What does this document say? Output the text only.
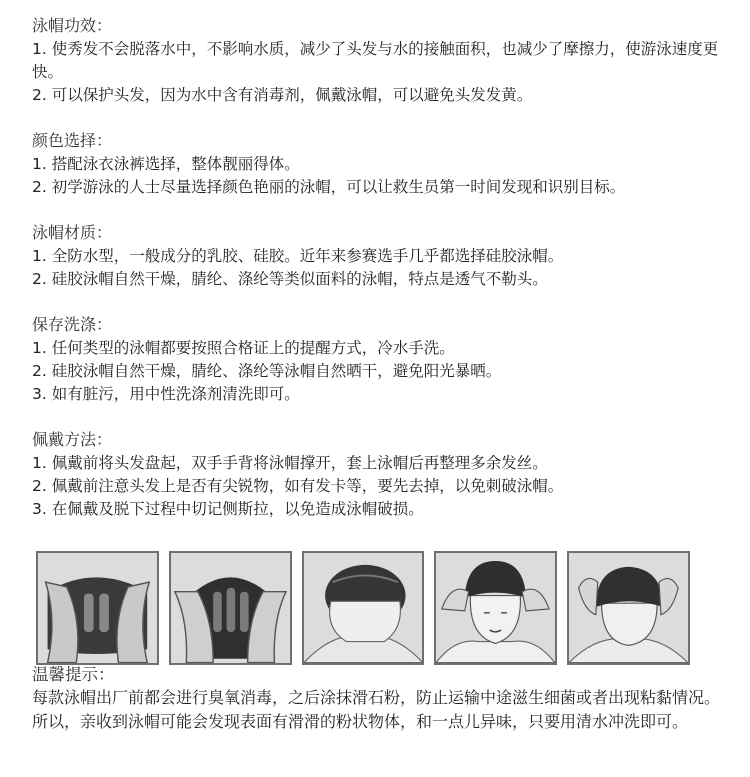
泳帽功效：
1. 使秀发不会脱落水中，不影响水质，减少了头发与水的接触面积，也减少了摩擦力，使游泳速度更快。
2. 可以保护头发，因为水中含有消毒剂，佩戴泳帽，可以避免头发发黄。
颜色选择：
1. 搭配泳衣泳裤选择，整体靓丽得体。
2. 初学游泳的人士尽量选择颜色艳丽的泳帽，可以让救生员第一时间发现和识别目标。
泳帽材质：
1. 全防水型，一般成分的乳胶、硅胶。近年来参赛选手几乎都选择硅胶泳帽。
2. 硅胶泳帽自然干燥，腈纶、涤纶等类似面料的泳帽，特点是透气不勒头。
保存洗涤：
1. 任何类型的泳帽都要按照合格证上的提醒方式，冷水手洗。
2. 硅胶泳帽自然干燥，腈纶、涤纶等泳帽自然晒干，避免阳光暴晒。
3. 如有脏污，用中性洗涤剂清洗即可。
佩戴方法：
1. 佩戴前将头发盘起，双手手背将泳帽撑开，套上泳帽后再整理多余发丝。
2. 佩戴前注意头发上是否有尖锐物，如有发卡等，要先去掉，以免刺破泳帽。
3. 在佩戴及脱下过程中切记侧斯拉，以免造成泳帽破损。
温馨提示：
每款泳帽出厂前都会进行臭氧消毒，之后涂抹滑石粉，防止运输中途滋生细菌或者出现粘黏情况。所以，亲收到泳帽可能会发现表面有滑滑的粉状物体，和一点儿异味，只要用清水冲洗即可。
